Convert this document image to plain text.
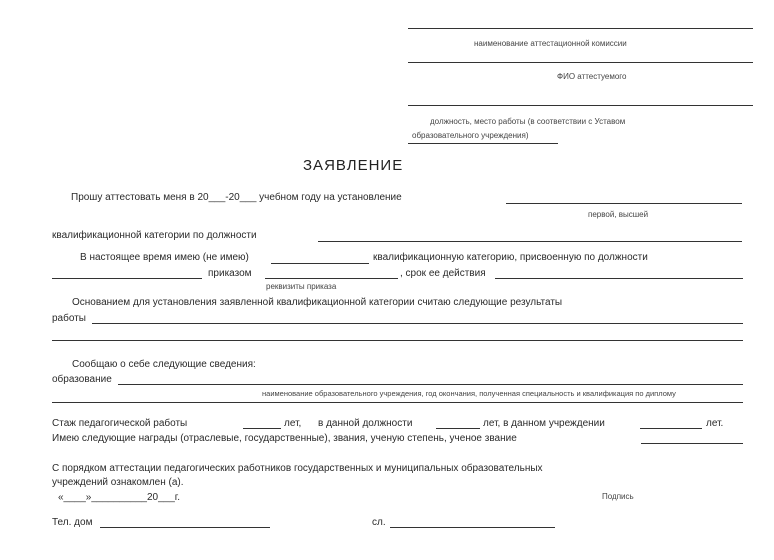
наименование аттестационной комиссии
ФИО аттестуемого
должность, место работы (в соответствии с Уставом
образовательного учреждения)
ЗАЯВЛЕНИЕ
Прошу аттестовать меня в 20___-20___ учебном году на установление
первой, высшей
квалификационной категории по должности
В настоящее время имею (не имею)	квалификационную категорию, присвоенную по должности
приказом	, срок ее действия
реквизиты приказа
Основанием для установления заявленной квалификационной категории считаю следующие результаты
работы
Сообщаю о себе следующие сведения:
образование
наименование образовательного учреждения, год окончания, полученная специальность и квалификация по диплому
Стаж педагогической работы	лет, в данной должности	лет, в данном учреждении	лет.
Имею следующие награды (отраслевые, государственные), звания, ученую степень, ученое звание
С порядком аттестации педагогических работников государственных и муниципальных образовательных
учреждений ознакомлен (а).
«____»__________20___г.	Подпись
Тел. дом	сл.
